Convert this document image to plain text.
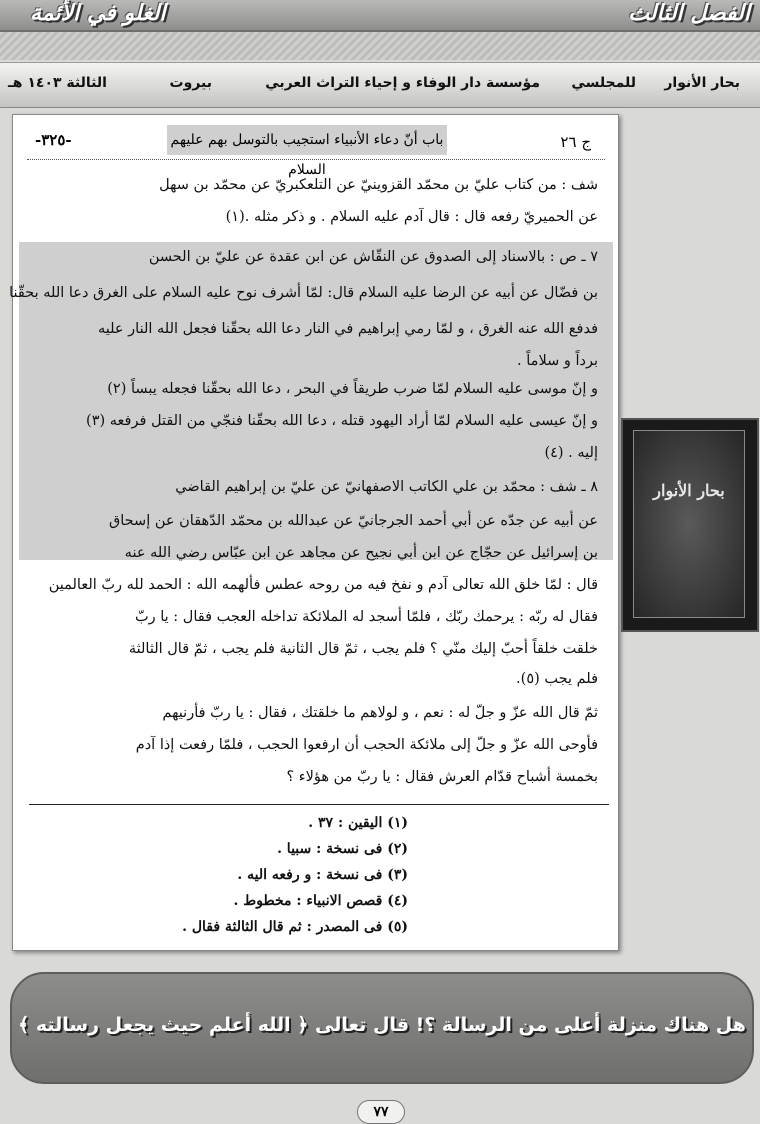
الفصل الثالث
الغلو في الأئمة
بحار الأنوار
للمجلسي
مؤسسة دار الوفاء و إحياء التراث العربي
بيروت
الثالثة ١٤٠٣ هـ
-٣٢٥-	باب أنّ دعاء الأنبياء استجيب بالتوسل بهم عليهم السلام
ج ٢٦
شف : من كتاب عليّ بن محمّد القزوينيّ عن التلعكبريّ عن محمّد بن سهل
عن الحميريّ رفعه قال : قال آدم عليه السلام . و ذكر مثله .(١)
٧ ـ ص : بالاسناد إلى الصدوق عن النقّاش عن ابن عقدة عن عليّ بن الحسن
بن فضّال عن أبيه عن الرضا عليه السلام قال: لمّا أشرف نوح عليه السلام على الغرق دعا الله بحقّنا
فدفع الله عنه الغرق ، و لمّا رمي إبراهيم في النار دعا الله بحقّنا فجعل الله النار عليه
برداً و سلاماً .
و إنّ موسى عليه السلام لمّا ضرب طريقاً في البحر ، دعا الله بحقّنا فجعله يبساً (٢)
و إنّ عيسى عليه السلام لمّا أراد اليهود قتله ، دعا الله بحقّنا فنجّي من القتل فرفعه (٣)
إليه . (٤)
٨ ـ شف : محمّد بن علي الكاتب الاصفهانيّ عن عليّ بن إبراهيم القاضي
عن أبيه عن جدّه عن أبي أحمد الجرجانيّ عن عبدالله بن محمّد الدّهقان عن إسحاق
بن إسرائيل عن حجّاج عن ابن أبي نجيح عن مجاهد عن ابن عبّاس رضي الله عنه
قال : لمّا خلق الله تعالى آدم و نفخ فيه من روحه عطس فألهمه الله : الحمد لله ربّ العالمين
فقال له ربّه : يرحمك ربّك ، فلمّا أسجد له الملائكة تداخله العجب فقال : يا ربّ
خلقت خلقاً أحبّ إليك منّي ؟ فلم يجب ، ثمّ قال الثانية فلم يجب ، ثمّ قال الثالثة
فلم يجب (٥).
ثمّ قال الله عزّ و جلّ له : نعم ، و لولاهم ما خلقتك ، فقال : يا ربّ فأرنيهم
فأوحى الله عزّ و جلّ إلى ملائكة الحجب أن ارفعوا الحجب ، فلمّا رفعت إذا آدم
بخمسة أشباح قدّام العرش فقال : يا ربّ من هؤلاء ؟
(١) اليقين : ٣٧ .
(٢) فى نسخة : سبيا .
(٣) فى نسخة : و رفعه اليه .
(٤) قصص الانبياء : مخطوط .
(٥) فى المصدر : ثم قال الثالثة فقال .
بحار الأنوار
هل هناك منزلة أعلى من الرسالة ؟! قال تعالى ﴿ الله أعلم حيث يجعل رسالته ﴾
٧٧
